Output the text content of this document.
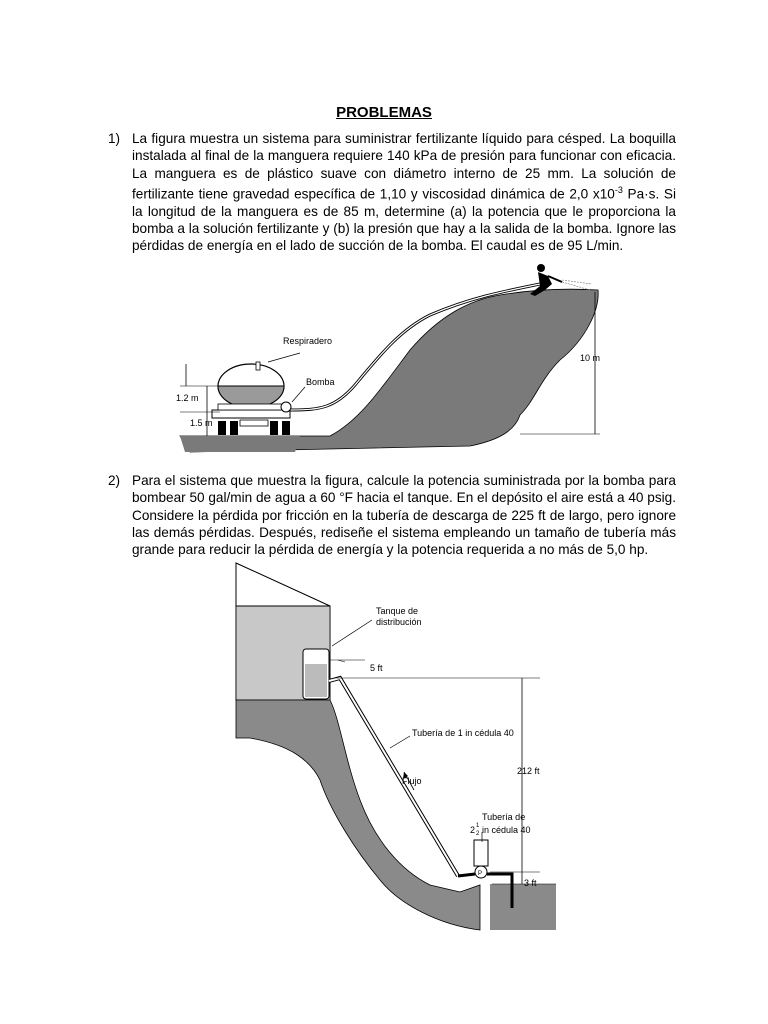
PROBLEMAS
1) La figura muestra un sistema para suministrar fertilizante líquido para césped. La boquilla instalada al final de la manguera requiere 140 kPa de presión para funcionar con eficacia. La manguera es de plástico suave con diámetro interno de 25 mm. La solución de fertilizante tiene gravedad específica de 1,10 y viscosidad dinámica de 2,0 $x10^{-3}$ Pa·s. Si la longitud de la manguera es de 85 m, determine (a) la potencia que le proporciona la bomba a la solución fertilizante y (b) la presión que hay a la salida de la bomba. Ignore las pérdidas de energía en el lado de succión de la bomba. El caudal es de 95 L/min.
2) Para el sistema que muestra la figura, calcule la potencia suministrada por la bomba para bombear 50 gal/min de agua a 60 °F hacia el tanque. En el depósito el aire está a 40 psig. Considere la pérdida por fricción en la tubería de descarga de 225 ft de largo, pero ignore las demás pérdidas. Después, rediseñe el sistema empleando un tamaño de tubería más grande para reducir la pérdida de energía y la potencia requerida a no más de 5,0 hp.
Respiradero
Bomba
1.2 m
1.5 m
10 m
Tanque de
distribución
5 ft
Tubería de 1 in cédula 40
Flujo
212 ft
Tubería de
2 1
2 in cédula 40
P
3 ft
